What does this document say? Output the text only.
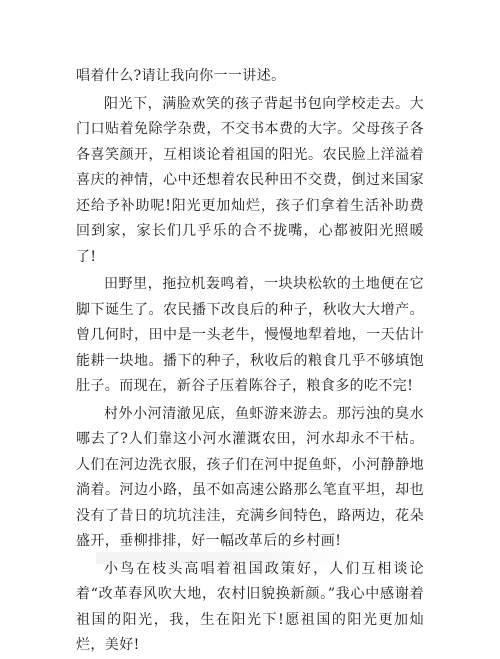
唱着什么?请让我向你一一讲述。

阳光下，满脸欢笑的孩子背起书包向学校走去。大门口贴着免除学杂费，不交书本费的大字。父母孩子各各喜笑颜开，互相谈论着祖国的阳光。农民脸上洋溢着喜庆的神情，心中还想着农民种田不交费，倒过来国家还给予补助呢!阳光更加灿烂，孩子们拿着生活补助费回到家，家长们几乎乐的合不拢嘴，心都被阳光照暖了!

田野里，拖拉机轰鸣着，一块块松软的土地便在它脚下诞生了。农民播下改良后的种子，秋收大大增产。曾几何时，田中是一头老牛，慢慢地犁着地，一天估计能耕一块地。播下的种子，秋收后的粮食几乎不够填饱肚子。而现在，新谷子压着陈谷子，粮食多的吃不完!

村外小河清澈见底，鱼虾游来游去。那污浊的臭水哪去了?人们靠这小河水灌溉农田，河水却永不干枯。人们在河边洗衣服，孩子们在河中捉鱼虾，小河静静地淌着。河边小路，虽不如高速公路那么笔直平坦，却也没有了昔日的坑坑洼洼，充满乡间特色，路两边，花朵盛开，垂柳排排，好一幅改革后的乡村画!

小鸟在枝头高唱着祖国政策好，人们互相谈论着“改革春风吹大地，农村旧貌换新颜。”我心中感谢着祖国的阳光，我，生在阳光下!愿祖国的阳光更加灿烂，美好!
